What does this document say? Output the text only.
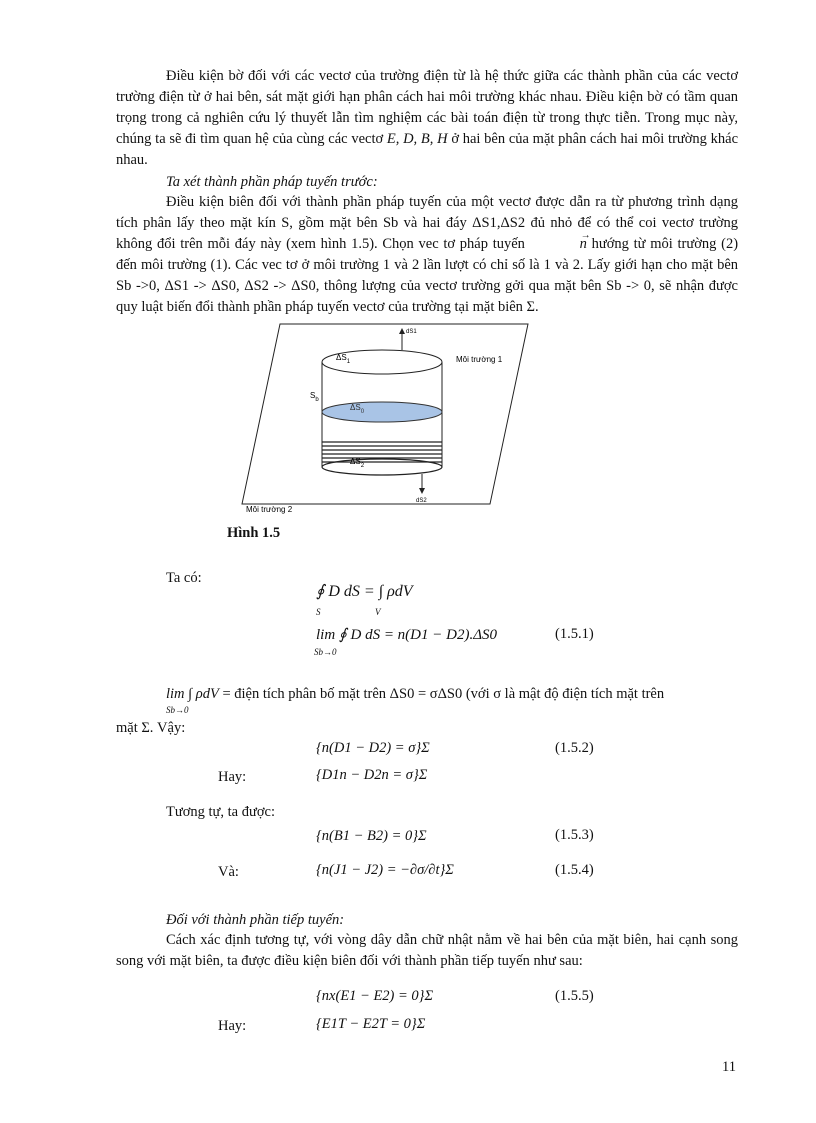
Điều kiện bờ đối với các vectơ của trường điện từ là hệ thức giữa các thành phần của các vectơ trường điện từ ở hai bên, sát mặt giới hạn phân cách hai môi trường khác nhau. Điều kiện bờ có tầm quan trọng trong cả nghiên cứu lý thuyết lẫn tìm nghiệm các bài toán điện từ trong thực tiễn. Trong mục này, chúng ta sẽ đi tìm quan hệ của cùng các vectơ E, D, B, H ở hai bên của mặt phân cách hai môi trường khác nhau.
Ta xét thành phần pháp tuyến trước:
Điều kiện biên đối với thành phần pháp tuyến của một vectơ được dẫn ra từ phương trình dạng tích phân lấy theo mặt kín S, gồm mặt bên Sb và hai đáy ΔS1,ΔS2 đủ nhỏ để có thể coi vectơ trường không đổi trên mỗi đáy này (xem hình 1.5). Chọn vec tơ pháp tuyến →	n hướng từ môi trường (2) đến môi trường (1). Các vec tơ ở môi trường 1 và 2 lần lượt có chỉ số là 1 và 2. Lấy giới hạn cho mặt bên Sb ->0, ΔS1 -> ΔS0, ΔS2 -> ΔS0, thông lượng của vectơ trường gởi qua mặt bên Sb -> 0, sẽ nhận được quy luật biến đổi thành phần pháp tuyến vectơ của trường tại mặt biên Σ.
dS1
dS2
$\Delta S_1$
$\Delta S_0$
$\Delta S_2$
$S_b$
Môi trường 1
Môi trường 2
Hình 1.5
Ta có:
∮ D dS = ∫ ρdV
S	V
lim ∮ D dS = n(D1 − D2).ΔS0
Sb→0
(1.5.1)
lim ∫ ρdV = điện tích phân bố mặt trên ΔS0 = σΔS0 (với σ là mật độ điện tích mặt trên
Sb→0
mặt Σ. Vậy:
{n(D1 − D2) = σ}Σ	(1.5.2)
Hay:	{D1n − D2n = σ}Σ
Tương tự, ta được:
{n(B1 − B2) = 0}Σ	(1.5.3)
Và:	{n(J1 − J2) = −∂σ/∂t}Σ	(1.5.4)
Đối với thành phần tiếp tuyến:
Cách xác định tương tự, với vòng dây dẫn chữ nhật nằm về hai bên của mặt biên, hai cạnh song song với mặt biên, ta được điều kiện biên đối với thành phần tiếp tuyến như sau:
{nx(E1 − E2) = 0}Σ	(1.5.5)
Hay:	{E1T − E2T = 0}Σ
11
